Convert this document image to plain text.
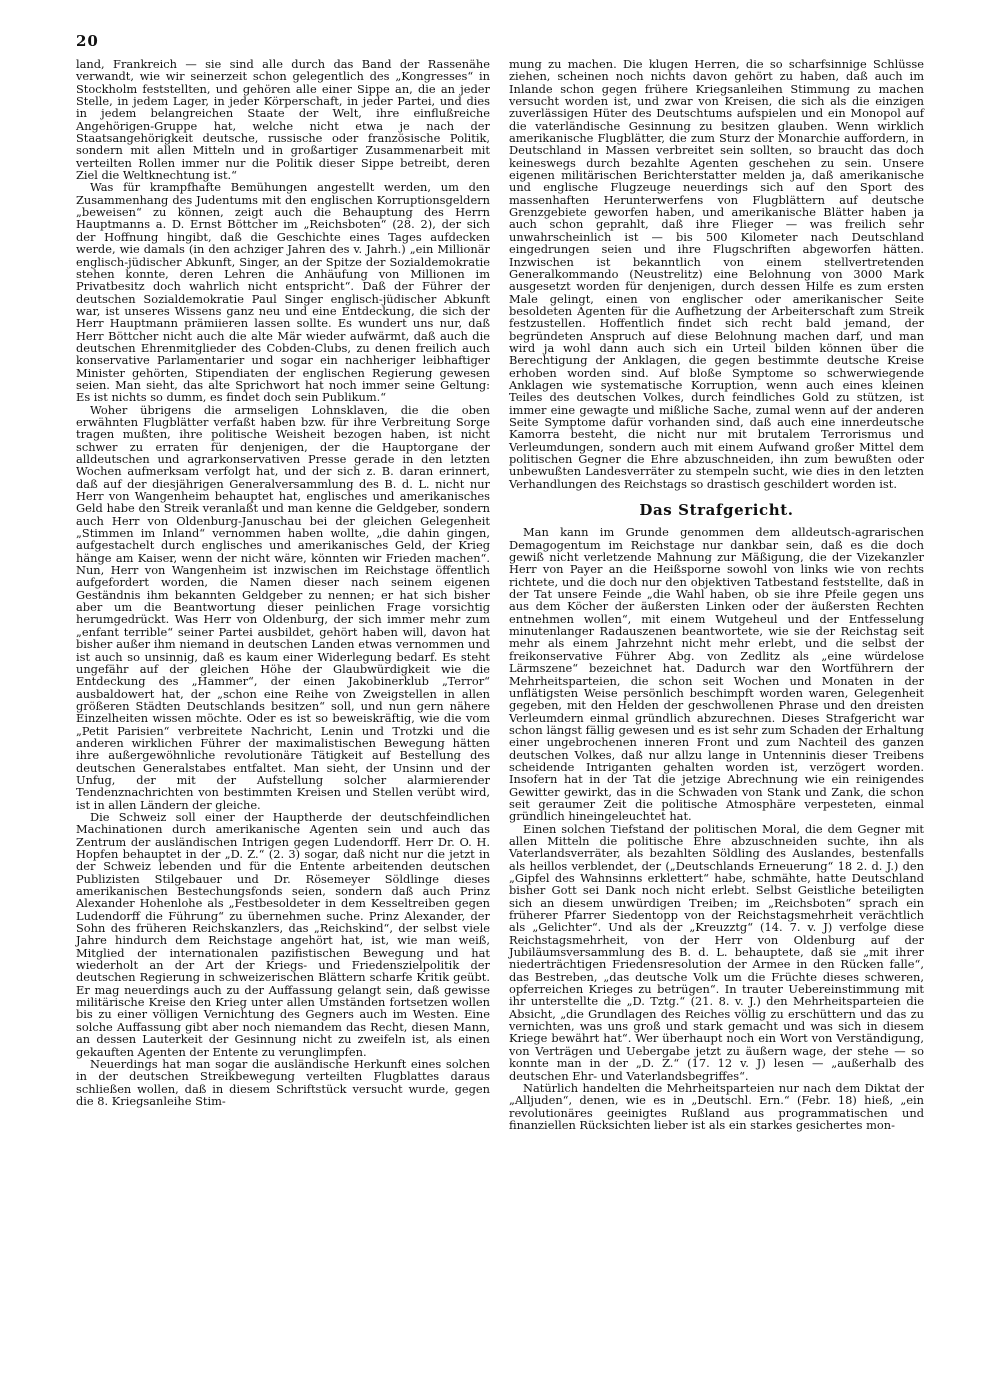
20

land, Frankreich — sie sind alle durch das Band der Rassenähe verwandt, wie wir seinerzeit schon gelegentlich des „Kongresses“ in Stockholm feststellten, und gehören alle einer Sippe an, die an jeder Stelle, in jedem Lager, in jeder Körperschaft, in jeder Partei, und dies in jedem belangreichen Staate der Welt, ihre einflußreiche Angehörigen-Gruppe hat, welche nicht etwa je nach der Staatsangehörigkeit deutsche, russische oder französische Politik, sondern mit allen Mitteln und in großartiger Zusammenarbeit mit verteilten Rollen immer nur die Politik dieser Sippe betreibt, deren Ziel die Weltknechtung ist.“

Was für krampfhafte Bemühungen angestellt werden, um den Zusammenhang des Judentums mit den englischen Korruptionsgeldern „beweisen“ zu können, zeigt auch die Behauptung des Herrn Hauptmanns a. D. Ernst Böttcher im „Reichsboten“ (28. 2), der sich der Hoffnung hingibt, daß die Geschichte eines Tages aufdecken werde, wie damals (in den achziger Jahren des v. Jahrh.) „ein Millionär englisch-jüdischer Abkunft, Singer, an der Spitze der Sozialdemokratie stehen konnte, deren Lehren die Anhäufung von Millionen im Privatbesitz doch wahrlich nicht entspricht“. Daß der Führer der deutschen Sozialdemokratie Paul Singer englisch-jüdischer Abkunft war, ist unseres Wissens ganz neu und eine Entdeckung, die sich der Herr Hauptmann prämiieren lassen sollte. Es wundert uns nur, daß Herr Böttcher nicht auch die alte Mär wieder aufwärmt, daß auch die deutschen Ehrenmitglieder des Cobden-Clubs, zu denen freilich auch konservative Parlamentarier und sogar ein nachheriger leibhaftiger Minister gehörten, Stipendiaten der englischen Regierung gewesen seien. Man sieht, das alte Sprichwort hat noch immer seine Geltung: Es ist nichts so dumm, es findet doch sein Publikum.“

Woher übrigens die armseligen Lohnsklaven, die die oben erwähnten Flugblätter verfaßt haben bzw. für ihre Verbreitung Sorge tragen mußten, ihre politische Weisheit bezogen haben, ist nicht schwer zu erraten für denjenigen, der die Hauptorgane der alldeutschen und agrarkonservativen Presse gerade in den letzten Wochen aufmerksam verfolgt hat, und der sich z. B. daran erinnert, daß auf der diesjährigen Generalversammlung des B. d. L. nicht nur Herr von Wangenheim behauptet hat, englisches und amerikanisches Geld habe den Streik veranlaßt und man kenne die Geldgeber, sondern auch Herr von Oldenburg-Januschau bei der gleichen Gelegenheit „Stimmen im Inland“ vernommen haben wollte, „die dahin gingen, aufgestachelt durch englisches und amerikanisches Geld, der Krieg hänge am Kaiser, wenn der nicht wäre, könnten wir Frieden machen“. Nun, Herr von Wangenheim ist inzwischen im Reichstage öffentlich aufgefordert worden, die Namen dieser nach seinem eigenen Geständnis ihm bekannten Geldgeber zu nennen; er hat sich bisher aber um die Beantwortung dieser peinlichen Frage vorsichtig herumgedrückt. Was Herr von Oldenburg, der sich immer mehr zum „enfant terrible“ seiner Partei ausbildet, gehört haben will, davon hat bisher außer ihm niemand in deutschen Landen etwas vernommen und ist auch so unsinnig, daß es kaum einer Widerlegung bedarf. Es steht ungefähr auf der gleichen Höhe der Glaubwürdigkeit wie die Entdeckung des „Hammer“, der einen Jakobinerklub „Terror“ ausbaldowert hat, der „schon eine Reihe von Zweigstellen in allen größeren Städten Deutschlands besitzen“ soll, und nun gern nähere Einzelheiten wissen möchte. Oder es ist so beweiskräftig, wie die vom „Petit Parisien“ verbreitete Nachricht, Lenin und Trotzki und die anderen wirklichen Führer der maximalistischen Bewegung hätten ihre außergewöhnliche revolutionäre Tätigkeit auf Bestellung des deutschen Generalstabes entfaltet. Man sieht, der Unsinn und der Unfug, der mit der Aufstellung solcher alarmierender Tendenznachrichten von bestimmten Kreisen und Stellen verübt wird, ist in allen Ländern der gleiche.

Die Schweiz soll einer der Hauptherde der deutschfeindlichen Machinationen durch amerikanische Agenten sein und auch das Zentrum der ausländischen Intrigen gegen Ludendorff. Herr Dr. O. H. Hopfen behauptet in der „D. Z.“ (2. 3) sogar, daß nicht nur die jetzt in der Schweiz lebenden und für die Entente arbeitenden deutschen Publizisten Stilgebauer und Dr. Rösemeyer Söldlinge dieses amerikanischen Bestechungsfonds seien, sondern daß auch Prinz Alexander Hohenlohe als „Festbesoldeter in dem Kesseltreiben gegen Ludendorff die Führung“ zu übernehmen suche. Prinz Alexander, der Sohn des früheren Reichskanzlers, das „Reichskind“, der selbst viele Jahre hindurch dem Reichstage angehört hat, ist, wie man weiß, Mitglied der internationalen pazifistischen Bewegung und hat wiederholt an der Art der Kriegs- und Friedenszielpolitik der deutschen Regierung in schweizerischen Blättern scharfe Kritik geübt. Er mag neuerdings auch zu der Auffassung gelangt sein, daß gewisse militärische Kreise den Krieg unter allen Umständen fortsetzen wollen bis zu einer völligen Vernichtung des Gegners auch im Westen. Eine solche Auffassung gibt aber noch niemandem das Recht, diesen Mann, an dessen Lauterkeit der Gesinnung nicht zu zweifeln ist, als einen gekauften Agenten der Entente zu verunglimpfen.

Neuerdings hat man sogar die ausländische Herkunft eines solchen in der deutschen Streikbewegung verteilten Flugblattes daraus schließen wollen, daß in diesem Schriftstück versucht wurde, gegen die 8. Kriegsanleihe Stim-

mung zu machen. Die klugen Herren, die so scharfsinnige Schlüsse ziehen, scheinen noch nichts davon gehört zu haben, daß auch im Inlande schon gegen frühere Kriegsanleihen Stimmung zu machen versucht worden ist, und zwar von Kreisen, die sich als die einzigen zuverlässigen Hüter des Deutschtums aufspielen und ein Monopol auf die vaterländische Gesinnung zu besitzen glauben. Wenn wirklich amerikanische Flugblätter, die zum Sturz der Monarchie auffordern, in Deutschland in Massen verbreitet sein sollten, so braucht das doch keineswegs durch bezahlte Agenten geschehen zu sein. Unsere eigenen militärischen Berichterstatter melden ja, daß amerikanische und englische Flugzeuge neuerdings sich auf den Sport des massenhaften Herunterwerfens von Flugblättern auf deutsche Grenzgebiete geworfen haben, und amerikanische Blätter haben ja auch schon geprahlt, daß ihre Flieger — was freilich sehr unwahrscheinlich ist — bis 500 Kilometer nach Deutschland eingedrungen seien und ihre Flugschriften abgeworfen hätten. Inzwischen ist bekanntlich von einem stellvertretenden Generalkommando (Neustrelitz) eine Belohnung von 3000 Mark ausgesetzt worden für denjenigen, durch dessen Hilfe es zum ersten Male gelingt, einen von englischer oder amerikanischer Seite besoldeten Agenten für die Aufhetzung der Arbeiterschaft zum Streik festzustellen. Hoffentlich findet sich recht bald jemand, der begründeten Anspruch auf diese Belohnung machen darf, und man wird ja wohl dann auch sich ein Urteil bilden können über die Berechtigung der Anklagen, die gegen bestimmte deutsche Kreise erhoben worden sind. Auf bloße Symptome so schwerwiegende Anklagen wie systematische Korruption, wenn auch eines kleinen Teiles des deutschen Volkes, durch feindliches Gold zu stützen, ist immer eine gewagte und mißliche Sache, zumal wenn auf der anderen Seite Symptome dafür vorhanden sind, daß auch eine innerdeutsche Kamorra besteht, die nicht nur mit brutalem Terrorismus und Verleumdungen, sondern auch mit einem Aufwand großer Mittel dem politischen Gegner die Ehre abzuschneiden, ihn zum bewußten oder unbewußten Landesverräter zu stempeln sucht, wie dies in den letzten Verhandlungen des Reichstags so drastisch geschildert worden ist.

Das Strafgericht.

Man kann im Grunde genommen dem alldeutsch-agrarischen Demagogentum im Reichstage nur dankbar sein, daß es die doch gewiß nicht verletzende Mahnung zur Mäßigung, die der Vizekanzler Herr von Payer an die Heißsporne sowohl von links wie von rechts richtete, und die doch nur den objektiven Tatbestand feststellte, daß in der Tat unsere Feinde „die Wahl haben, ob sie ihre Pfeile gegen uns aus dem Köcher der äußersten Linken oder der äußersten Rechten entnehmen wollen“, mit einem Wutgeheul und der Entfesselung minutenlanger Radauszenen beantwortete, wie sie der Reichstag seit mehr als einem Jahrzehnt nicht mehr erlebt, und die selbst der freikonservative Führer Abg. von Zedlitz als „eine würdelose Lärmszene“ bezeichnet hat. Dadurch war den Wortführern der Mehrheitsparteien, die schon seit Wochen und Monaten in der unflätigsten Weise persönlich beschimpft worden waren, Gelegenheit gegeben, mit den Helden der geschwollenen Phrase und den dreisten Verleumdern einmal gründlich abzurechnen. Dieses Strafgericht war schon längst fällig gewesen und es ist sehr zum Schaden der Erhaltung einer ungebrochenen inneren Front und zum Nachteil des ganzen deutschen Volkes, daß nur allzu lange in Untenninis dieser Treibens scheidende Intriganten gehalten worden ist, verzögert worden. Insofern hat in der Tat die jetzige Abrechnung wie ein reinigendes Gewitter gewirkt, das in die Schwaden von Stank und Zank, die schon seit geraumer Zeit die politische Atmosphäre verpesteten, einmal gründlich hineingeleuchtet hat.

Einen solchen Tiefstand der politischen Moral, die dem Gegner mit allen Mitteln die politische Ehre abzuschneiden suchte, ihn als Vaterlandsverräter, als bezahlten Söldling des Auslandes, bestenfalls als heillos verblendet, der („Deutschlands Erneuerung“ 18 2. d. J.) den „Gipfel des Wahnsinns erklettert“ habe, schmähte, hatte Deutschland bisher Gott sei Dank noch nicht erlebt. Selbst Geistliche beteiligten sich an diesem unwürdigen Treiben; im „Reichsboten“ sprach ein früherer Pfarrer Siedentopp von der Reichstagsmehrheit verächtlich als „Gelichter“. Und als der „Kreuzztg“ (14. 7. v. J) verfolge diese Reichstagsmehrheit, von der Herr von Oldenburg auf der Jubiläumsversammlung des B. d. L. behauptete, daß sie „mit ihrer niederträchtigen Friedensresolution der Armee in den Rücken falle“, das Bestreben, „das deutsche Volk um die Früchte dieses schweren, opferreichen Krieges zu betrügen“. In trauter Uebereinstimmung mit ihr unterstellte die „D. Tztg.“ (21. 8. v. J.) den Mehrheitsparteien die Absicht, „die Grundlagen des Reiches völlig zu erschüttern und das zu vernichten, was uns groß und stark gemacht und was sich in diesem Kriege bewährt hat“. Wer überhaupt noch ein Wort von Verständigung, von Verträgen und Uebergabe jetzt zu äußern wage, der stehe — so konnte man in der „D. Z.“ (17. 12 v. J) lesen — „außerhalb des deutschen Ehr- und Vaterlandsbegriffes“.

Natürlich handelten die Mehrheitsparteien nur nach dem Diktat der „Alljuden“, denen, wie es in „Deutschl. Ern.“ (Febr. 18) hieß, „ein revolutionäres geeinigtes Rußland aus programmatischen und finanziellen Rücksichten lieber ist als ein starkes gesichertes mon-
